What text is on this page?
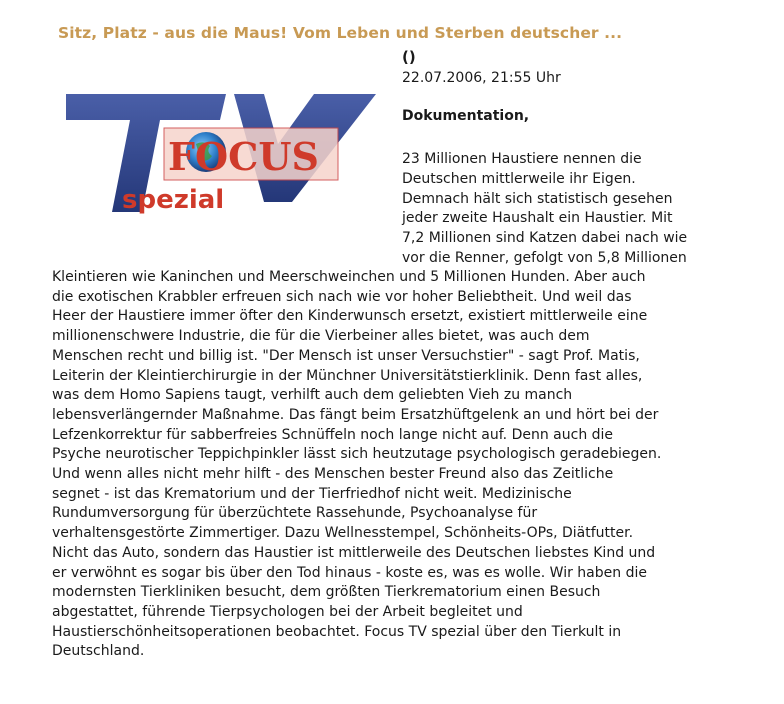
Sitz, Platz - aus die Maus! Vom Leben und Sterben deutscher ...
()
22.07.2006, 21:55 Uhr
Dokumentation,
FOCUS
spezial
23 Millionen Haustiere nennen die
Deutschen mittlerweile ihr Eigen.
Demnach hält sich statistisch gesehen
jeder zweite Haushalt ein Haustier. Mit
7,2 Millionen sind Katzen dabei nach wie
vor die Renner, gefolgt von 5,8 Millionen
Kleintieren wie Kaninchen und Meerschweinchen und 5 Millionen Hunden. Aber auch
die exotischen Krabbler erfreuen sich nach wie vor hoher Beliebtheit. Und weil das
Heer der Haustiere immer öfter den Kinderwunsch ersetzt, existiert mittlerweile eine
millionenschwere Industrie, die für die Vierbeiner alles bietet, was auch dem
Menschen recht und billig ist. "Der Mensch ist unser Versuchstier" - sagt Prof. Matis,
Leiterin der Kleintierchirurgie in der Münchner Universitätstierklinik. Denn fast alles,
was dem Homo Sapiens taugt, verhilft auch dem geliebten Vieh zu manch
lebensverlängernder Maßnahme. Das fängt beim Ersatzhüftgelenk an und hört bei der
Lefzenkorrektur für sabberfreies Schnüffeln noch lange nicht auf. Denn auch die
Psyche neurotischer Teppichpinkler lässt sich heutzutage psychologisch geradebiegen.
Und wenn alles nicht mehr hilft - des Menschen bester Freund also das Zeitliche
segnet - ist das Krematorium und der Tierfriedhof nicht weit. Medizinische
Rundumversorgung für überzüchtete Rassehunde, Psychoanalyse für
verhaltensgestörte Zimmertiger. Dazu Wellnesstempel, Schönheits-OPs, Diätfutter.
Nicht das Auto, sondern das Haustier ist mittlerweile des Deutschen liebstes Kind und
er verwöhnt es sogar bis über den Tod hinaus - koste es, was es wolle. Wir haben die
modernsten Tierkliniken besucht, dem größten Tierkrematorium einen Besuch
abgestattet, führende Tierpsychologen bei der Arbeit begleitet und
Haustierschönheitsoperationen beobachtet. Focus TV spezial über den Tierkult in
Deutschland.
